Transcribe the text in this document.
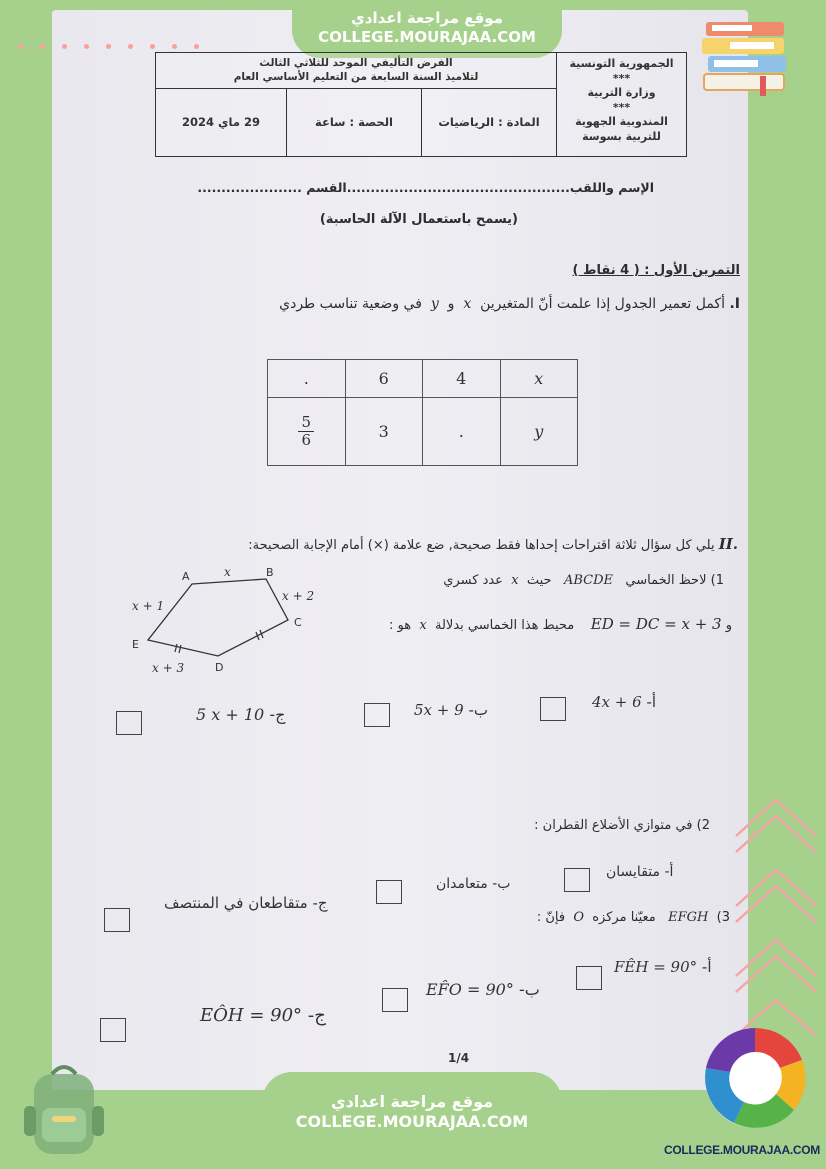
موقع مراجعة اعدادي
COLLEGE.MOURAJAA.COM
الجمهورية التونسية
***
وزارة التربية
***
المندوبية الجهوية
للتربية بسوسة
الفرض التأليفي الموحد للثلاثي الثالث
لتلاميذ السنة السابعة من التعليم الأساسي العام
المادة : الرياضيات
الحصة : ساعة
29 ماي 2024
الإسم واللقب...............................................القسم ......................
(يسمح باستعمال الآلة الحاسبة)
التمرين الأول : ( 4 نقاط )
I. أكمل تعمير الجدول إذا علمت أنّ المتغيرين  x  و  y  في وضعية تناسب طردي
.	6	4	x

$\frac{5}{6}$	3	.	y
II. يلي كل سؤال ثلاثة اقتراحات إحداها فقط صحيحة, ضع علامة (×) أمام الإجابة الصحيحة:
1) لاحظ الخماسي   ABCDE   حيث  x  عدد كسري
و ED = DC = x + 3    محيط هذا الخماسي بدلالة  x  هو :
A	B
C
D
E
x
x + 2
x + 1
x + 3
أ- 4x + 6
ب- 5x + 9
ج- 5 x + 10
2) في متوازي الأضلاع القطران :
أ- متقايسان
ب- متعامدان
ج- متقاطعان في المنتصف
3)  EFGH   معيّنا مركزه  O  فإنّ :
أ- FÊH = 90°
ب- EF̂O = 90°
ج- EÔH = 90°
1/4
موقع مراجعة اعدادي
COLLEGE.MOURAJAA.COM
COLLEGE.MOURAJAA.COM
